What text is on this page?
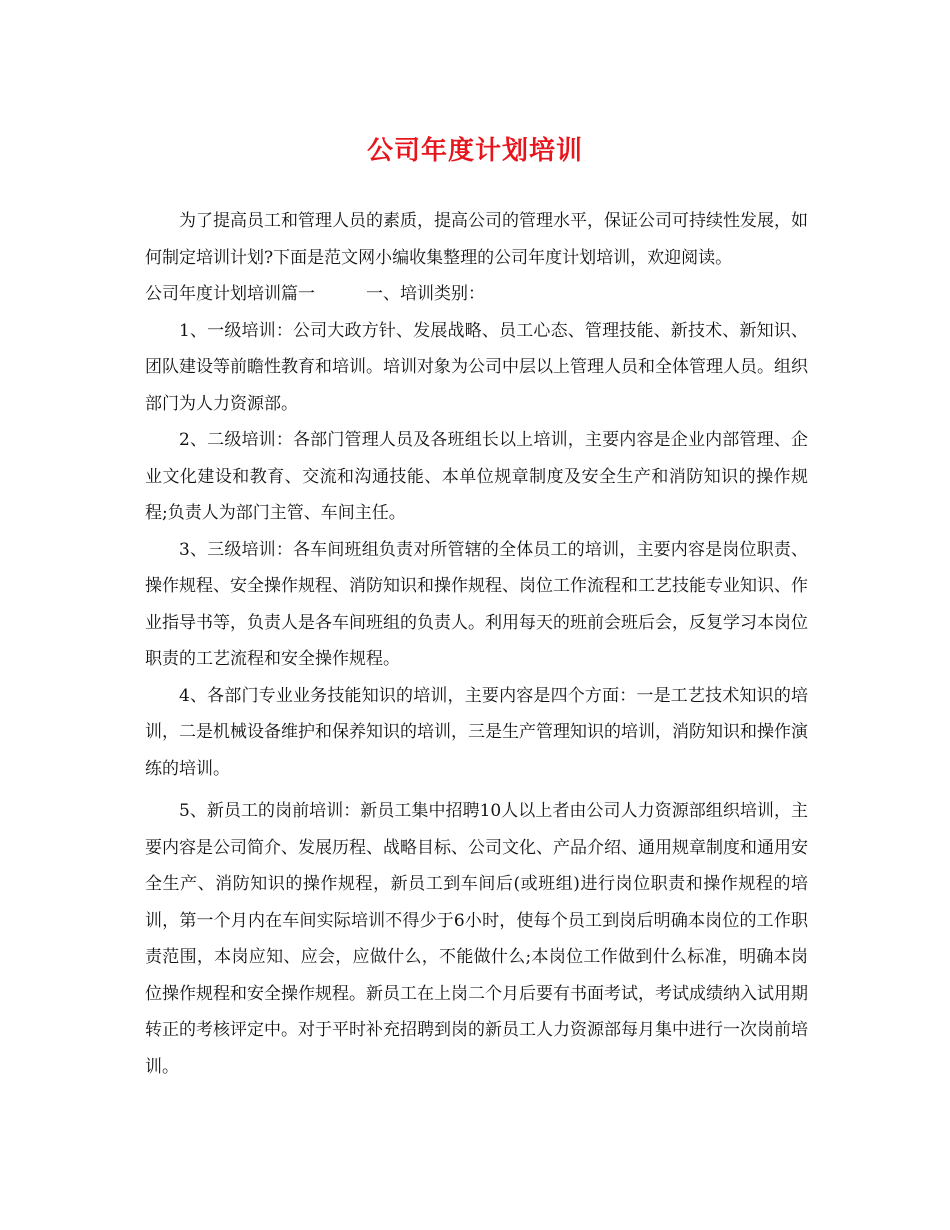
公司年度计划培训

为了提高员工和管理人员的素质，提高公司的管理水平，保证公司可持续性发展，如何制定培训计划?下面是范文网小编收集整理的公司年度计划培训，欢迎阅读。

公司年度计划培训篇一　　　一、培训类别：

1、一级培训：公司大政方针、发展战略、员工心态、管理技能、新技术、新知识、团队建设等前瞻性教育和培训。培训对象为公司中层以上管理人员和全体管理人员。组织部门为人力资源部。

2、二级培训：各部门管理人员及各班组长以上培训，主要内容是企业内部管理、企业文化建设和教育、交流和沟通技能、本单位规章制度及安全生产和消防知识的操作规程;负责人为部门主管、车间主任。

3、三级培训：各车间班组负责对所管辖的全体员工的培训，主要内容是岗位职责、操作规程、安全操作规程、消防知识和操作规程、岗位工作流程和工艺技能专业知识、作业指导书等，负责人是各车间班组的负责人。利用每天的班前会班后会，反复学习本岗位职责的工艺流程和安全操作规程。

4、各部门专业业务技能知识的培训，主要内容是四个方面：一是工艺技术知识的培训，二是机械设备维护和保养知识的培训，三是生产管理知识的培训，消防知识和操作演练的培训。

5、新员工的岗前培训：新员工集中招聘10人以上者由公司人力资源部组织培训，主要内容是公司简介、发展历程、战略目标、公司文化、产品介绍、通用规章制度和通用安全生产、消防知识的操作规程，新员工到车间后(或班组)进行岗位职责和操作规程的培训，第一个月内在车间实际培训不得少于6小时，使每个员工到岗后明确本岗位的工作职责范围，本岗应知、应会，应做什么，不能做什么;本岗位工作做到什么标准，明确本岗位操作规程和安全操作规程。新员工在上岗二个月后要有书面考试，考试成绩纳入试用期转正的考核评定中。对于平时补充招聘到岗的新员工人力资源部每月集中进行一次岗前培训。
